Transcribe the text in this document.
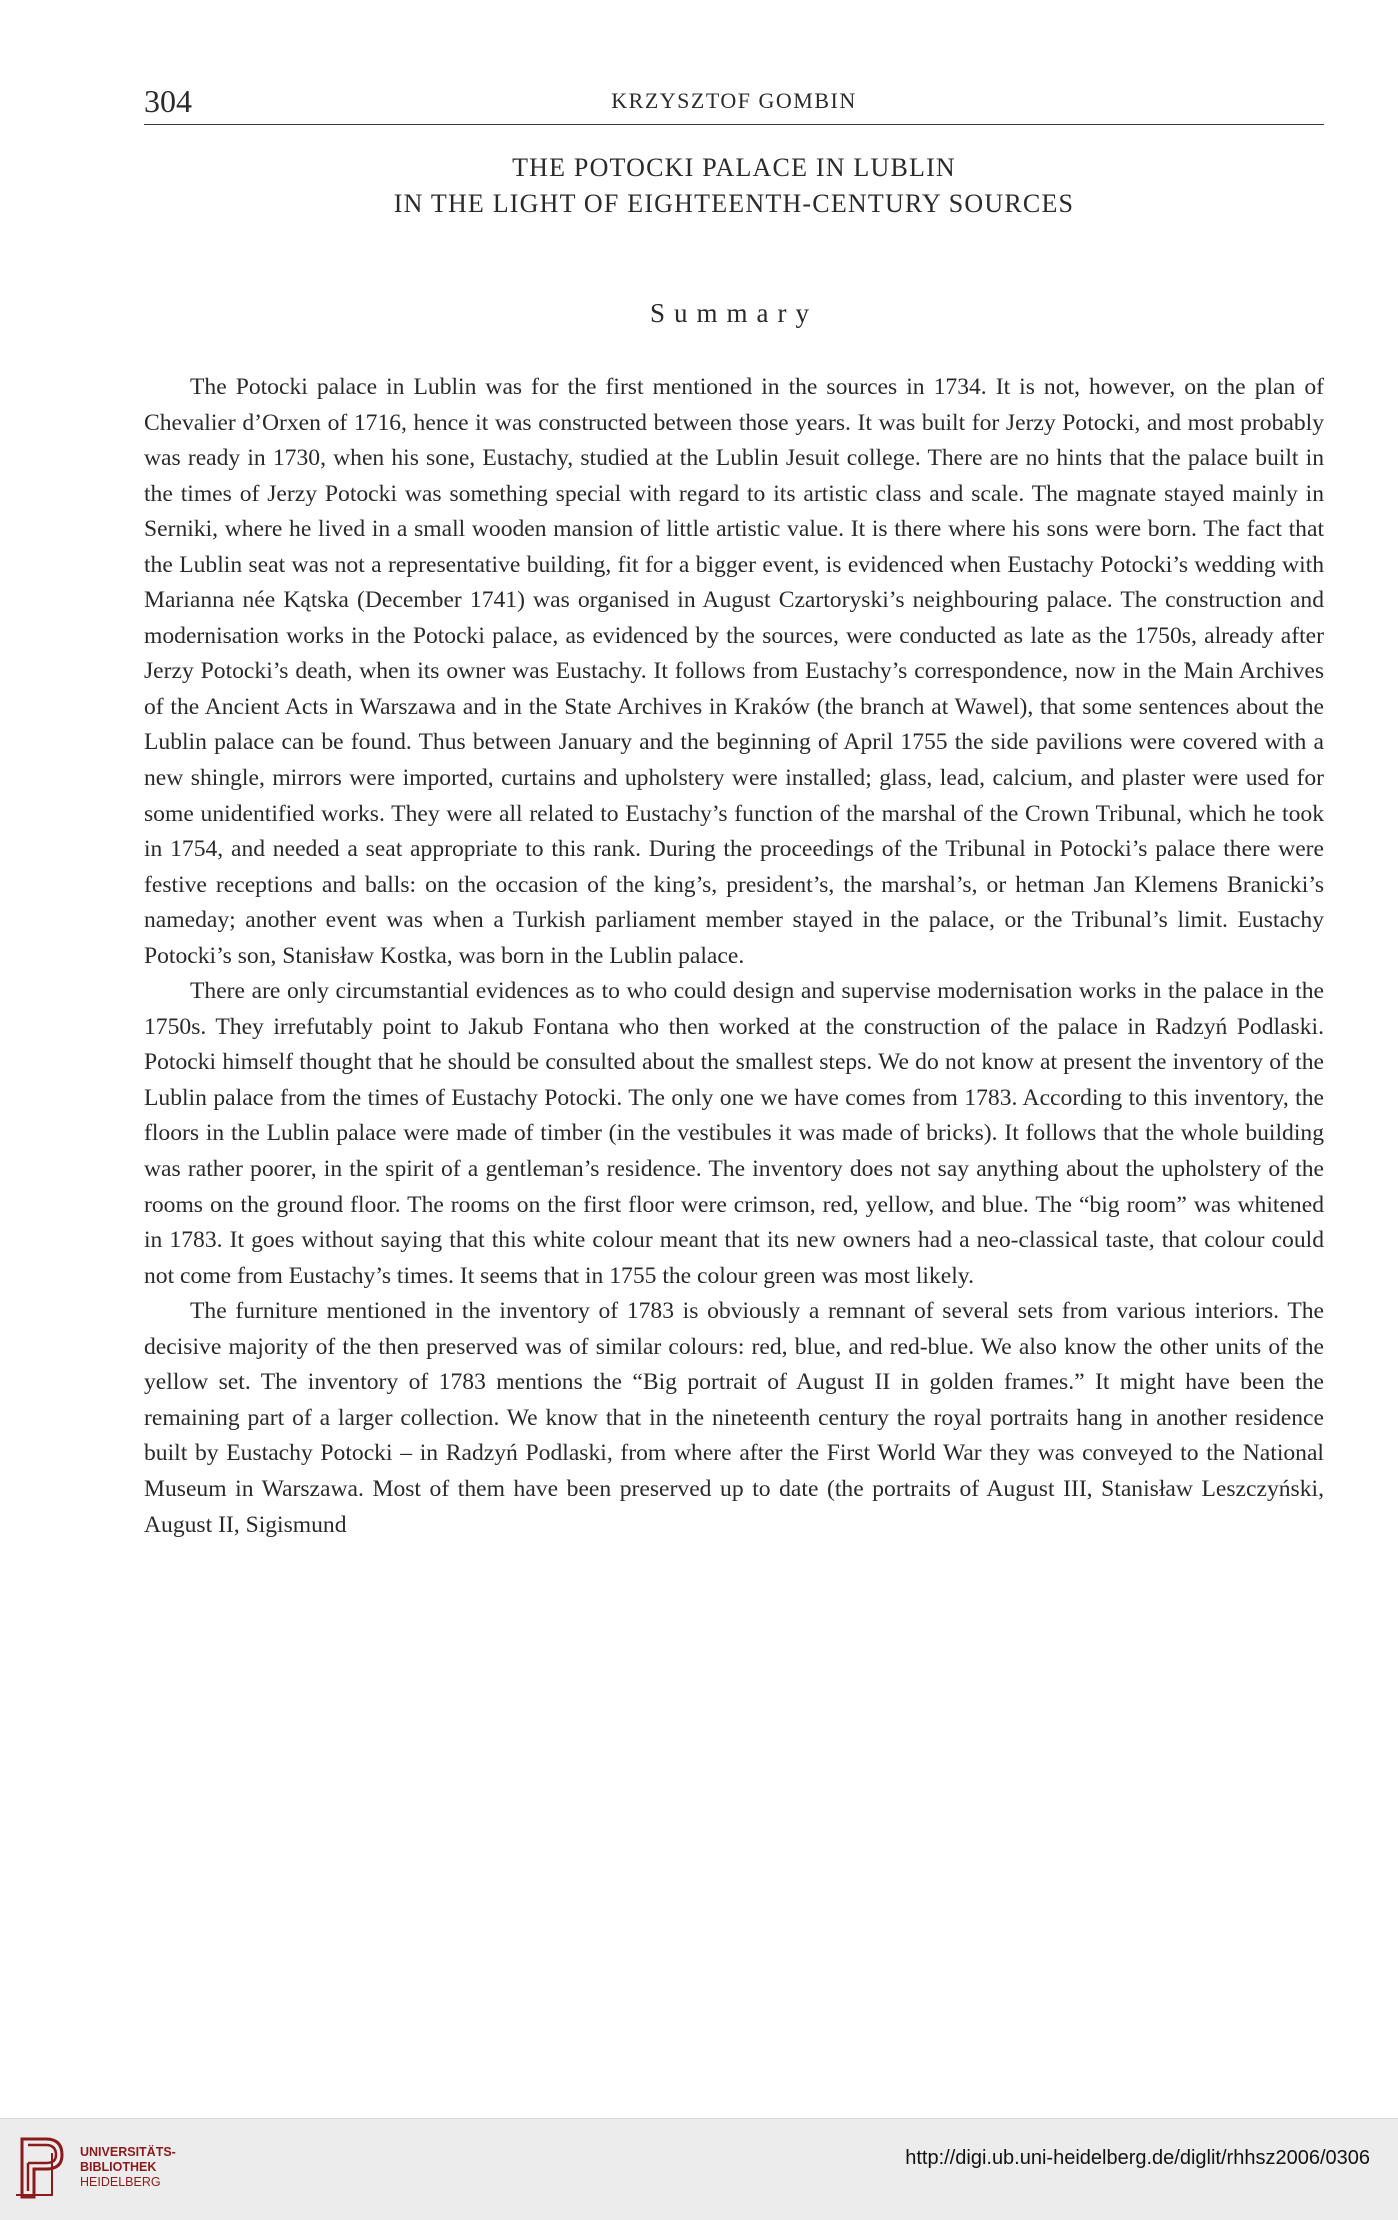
304	KRZYSZTOF GOMBIN
THE POTOCKI PALACE IN LUBLIN
IN THE LIGHT OF EIGHTEENTH-CENTURY SOURCES
Summary

The Potocki palace in Lublin was for the first mentioned in the sources in 1734. It is not, however, on the plan of Chevalier d’Orxen of 1716, hence it was constructed between those years. It was built for Jerzy Potocki, and most probably was ready in 1730, when his sone, Eustachy, studied at the Lublin Jesuit college. There are no hints that the palace built in the times of Jerzy Potocki was something special with regard to its artistic class and scale. The magnate stayed mainly in Serniki, where he lived in a small wooden mansion of little artistic value. It is there where his sons were born. The fact that the Lublin seat was not a representative building, fit for a bigger event, is evidenced when Eustachy Potocki’s wedding with Marianna née Kątska (December 1741) was organised in August Czartoryski’s neighbouring palace. The construction and modernisation works in the Potocki palace, as evidenced by the sources, were conducted as late as the 1750s, already after Jerzy Potocki’s death, when its owner was Eustachy. It follows from Eustachy’s correspondence, now in the Main Archives of the Ancient Acts in Warszawa and in the State Archives in Kraków (the branch at Wawel), that some sentences about the Lublin palace can be found. Thus between January and the beginning of April 1755 the side pavilions were covered with a new shingle, mirrors were imported, curtains and upholstery were installed; glass, lead, calcium, and plaster were used for some unidentified works. They were all related to Eustachy’s function of the marshal of the Crown Tribunal, which he took in 1754, and needed a seat appropriate to this rank. During the proceedings of the Tribunal in Potocki’s palace there were festive receptions and balls: on the occasion of the king’s, president’s, the marshal’s, or hetman Jan Klemens Branicki’s nameday; another event was when a Turkish parliament member stayed in the palace, or the Tribunal’s limit. Eustachy Potocki’s son, Stanisław Kostka, was born in the Lublin palace.

There are only circumstantial evidences as to who could design and supervise modernisation works in the palace in the 1750s. They irrefutably point to Jakub Fontana who then worked at the construction of the palace in Radzyń Podlaski. Potocki himself thought that he should be consulted about the smallest steps. We do not know at present the inventory of the Lublin palace from the times of Eustachy Potocki. The only one we have comes from 1783. According to this inventory, the floors in the Lublin palace were made of timber (in the vestibules it was made of bricks). It follows that the whole building was rather poorer, in the spirit of a gentleman’s residence. The inventory does not say anything about the upholstery of the rooms on the ground floor. The rooms on the first floor were crimson, red, yellow, and blue. The “big room” was whitened in 1783. It goes without saying that this white colour meant that its new owners had a neo-classical taste, that colour could not come from Eustachy’s times. It seems that in 1755 the colour green was most likely.

The furniture mentioned in the inventory of 1783 is obviously a remnant of several sets from various interiors. The decisive majority of the then preserved was of similar colours: red, blue, and red-blue. We also know the other units of the yellow set. The inventory of 1783 mentions the “Big portrait of August II in golden frames.” It might have been the remaining part of a larger collection. We know that in the nineteenth century the royal portraits hang in another residence built by Eustachy Potocki – in Radzyń Podlaski, from where after the First World War they was conveyed to the National Museum in Warszawa. Most of them have been preserved up to date (the portraits of August III, Stanisław Leszczyński, August II, Sigismund

UNIVERSITÄTS-
BIBLIOTHEK
HEIDELBERG
http://digi.ub.uni-heidelberg.de/diglit/rhhsz2006/0306
